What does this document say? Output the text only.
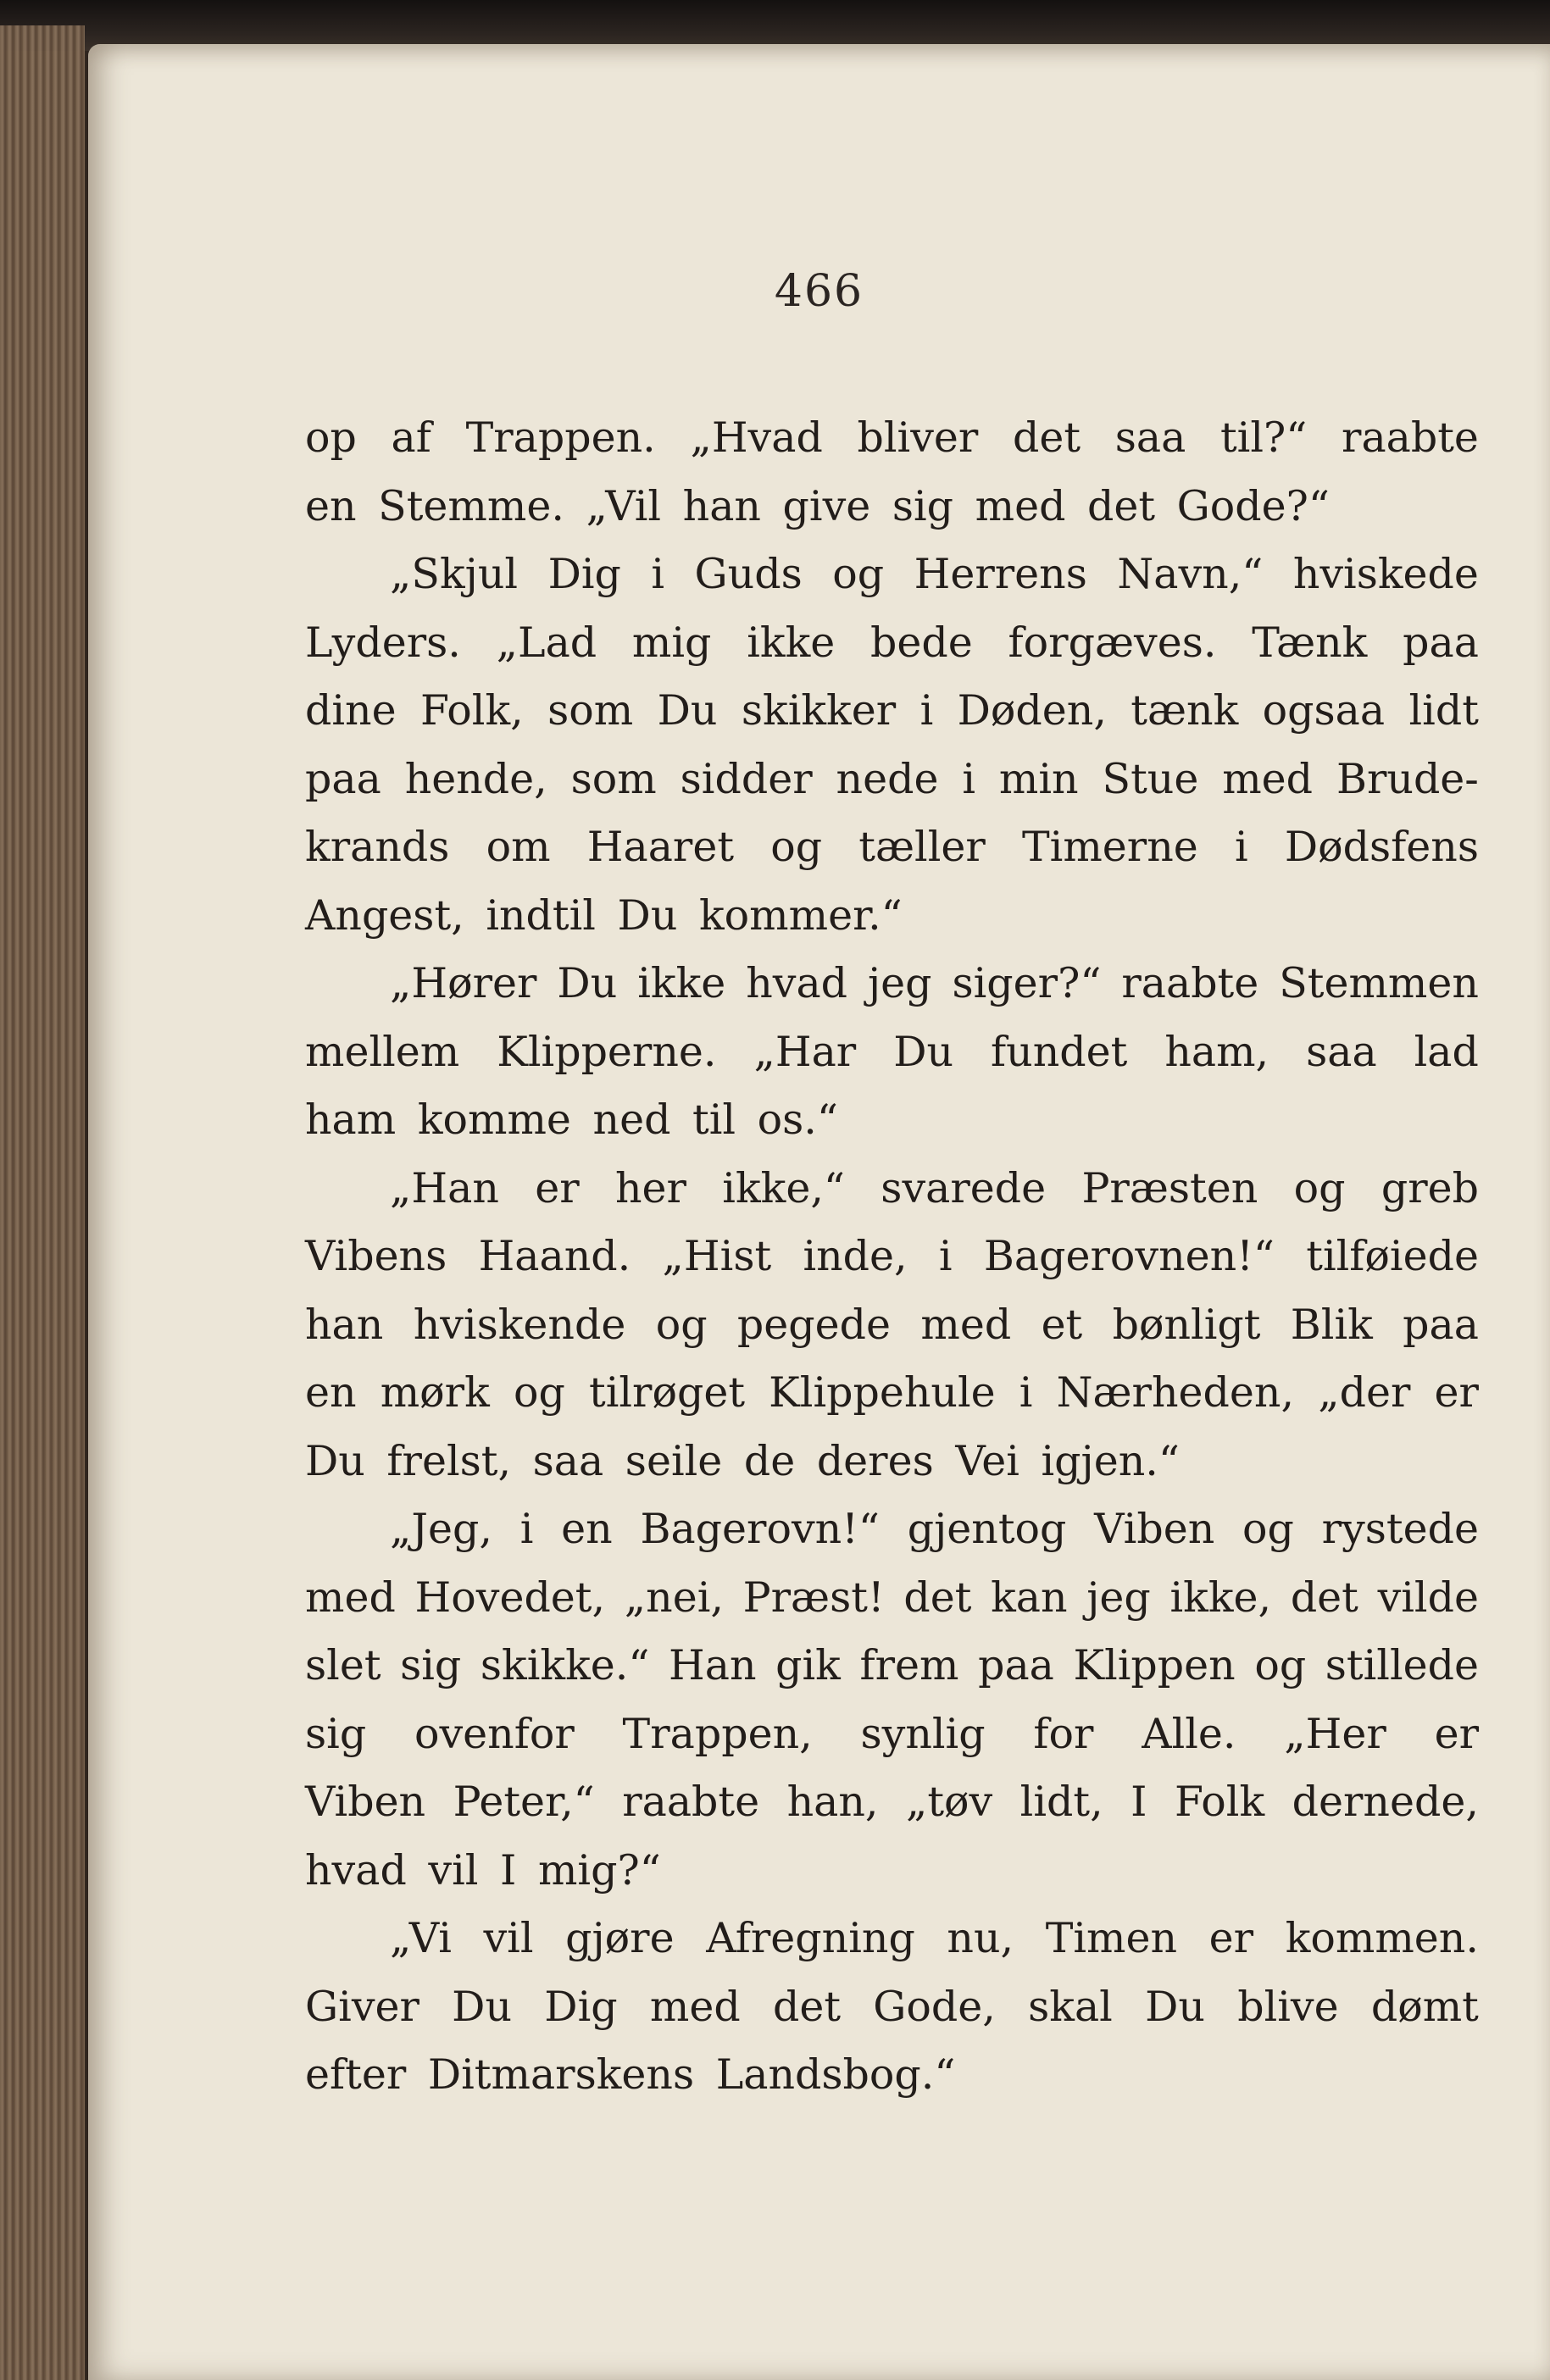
466
op af Trappen. „Hvad bliver det saa til?“ raabte
en Stemme. „Vil han give sig med det Gode?“
„Skjul Dig i Guds og Herrens Navn,“ hviskede
Lyders. „Lad mig ikke bede forgæves. Tænk paa
dine Folk, som Du skikker i Døden, tænk ogsaa lidt
paa hende, som sidder nede i min Stue med Brude-
krands om Haaret og tæller Timerne i Dødsfens
Angest, indtil Du kommer.“
„Hører Du ikke hvad jeg siger?“ raabte Stemmen
mellem Klipperne. „Har Du fundet ham, saa lad
ham komme ned til os.“
„Han er her ikke,“ svarede Præsten og greb
Vibens Haand. „Hist inde, i Bagerovnen!“ tilføiede
han hviskende og pegede med et bønligt Blik paa
en mørk og tilrøget Klippehule i Nærheden, „der er
Du frelst, saa seile de deres Vei igjen.“
„Jeg, i en Bagerovn!“ gjentog Viben og rystede
med Hovedet, „nei, Præst! det kan jeg ikke, det vilde
slet sig skikke.“ Han gik frem paa Klippen og stillede
sig ovenfor Trappen, synlig for Alle. „Her er
Viben Peter,“ raabte han, „tøv lidt, I Folk dernede,
hvad vil I mig?“
„Vi vil gjøre Afregning nu, Timen er kommen.
Giver Du Dig med det Gode, skal Du blive dømt
efter Ditmarskens Landsbog.“
